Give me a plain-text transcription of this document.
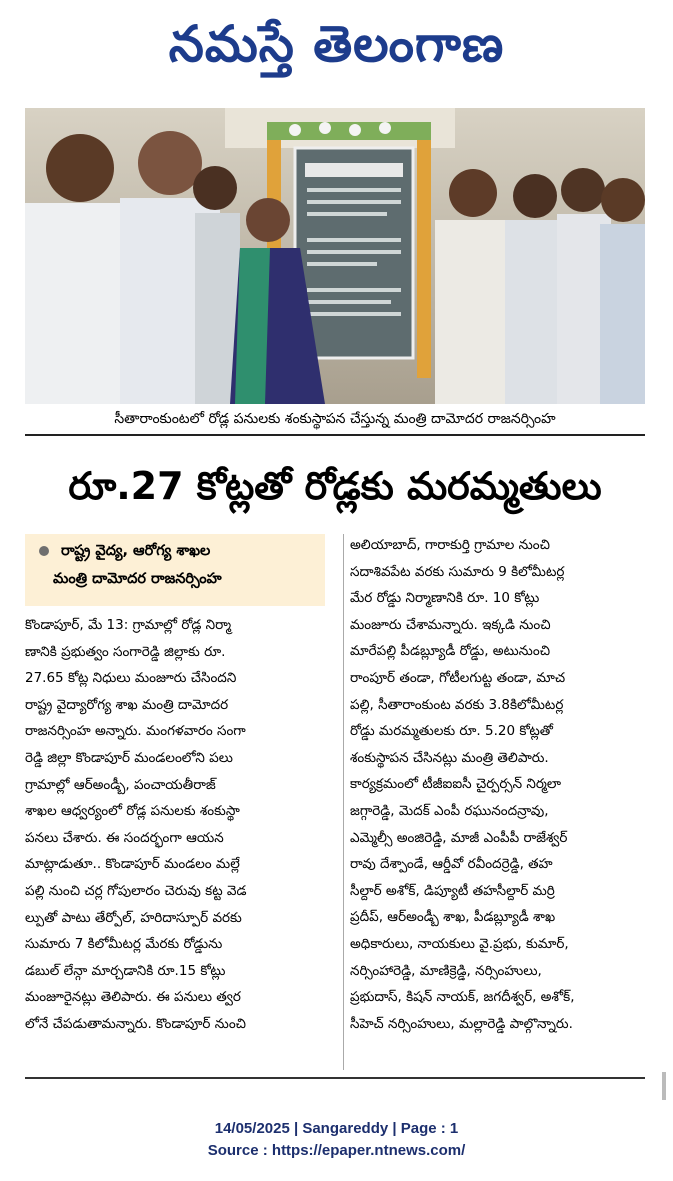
నమస్తే తెలంగాణ
సీతారాంకుంటలో రోడ్ల పనులకు శంకుస్థాపన చేస్తున్న మంత్రి దామోదర రాజనర్సింహ
రూ.27 కోట్లతో రోడ్లకు మరమ్మతులు
రాష్ట్ర వైద్య, ఆరోగ్య శాఖల
మంత్రి దామోదర రాజనర్సింహ
కొండాపూర్, మే 13: గ్రామాల్లో రోడ్ల నిర్మా
ణానికి ప్రభుత్వం సంగారెడ్డి జిల్లాకు రూ.
27.65 కోట్ల నిధులు మంజూరు చేసిందని
రాష్ట్ర వైద్యారోగ్య శాఖ మంత్రి దామోదర
రాజనర్సింహ అన్నారు. మంగళవారం సంగా
రెడ్డి జిల్లా కొండాపూర్ మండలంలోని పలు
గ్రామాల్లో ఆర్అండ్బీ, పంచాయతీరాజ్
శాఖల ఆధ్వర్యంలో రోడ్ల పనులకు శంకుస్థా
పనలు చేశారు. ఈ సందర్భంగా ఆయన
మాట్లాడుతూ.. కొండాపూర్ మండలం మల్లే
పల్లి నుంచి చర్ల గోపులారం చెరువు కట్ట వెడ
ల్పుతో పాటు తేర్పోల్, హరిదాస్పూర్ వరకు
సుమారు 7 కిలోమీటర్ల మేరకు రోడ్డును
డబుల్ లేన్గా మార్చడానికి రూ.15 కోట్లు
మంజూరైనట్లు తెలిపారు. ఈ పనులు త్వర
లోనే చేపడుతామన్నారు. కొండాపూర్ నుంచి
అలియాబాద్, గారాకుర్తి గ్రామాల నుంచి
సదాశివపేట వరకు సుమారు 9 కిలోమీటర్ల
మేర రోడ్డు నిర్మాణానికి రూ. 10 కోట్లు
మంజూరు చేశామన్నారు. ఇక్కడి నుంచి
మారేపల్లి పీడబ్ల్యూడీ రోడ్డు, అటునుంచి
రాంపూర్ తండా, గోటీలగుట్ట తండా, మాచ
పల్లి, సీతారాంకుంట వరకు 3.8కిలోమీటర్ల
రోడ్డు మరమ్మతులకు రూ. 5.20 కోట్లతో
శంకుస్థాపన చేసినట్లు మంత్రి తెలిపారు.
కార్యక్రమంలో టీజీఐఐసీ చైర్పర్సన్ నిర్మలా
జగ్గారెడ్డి, మెదక్ ఎంపీ రఘునందన్రావు,
ఎమ్మెల్సీ అంజిరెడ్డి, మాజీ ఎంపీపీ రాజేశ్వర్
రావు దేశ్పాండే, ఆర్డీవో రవీందర్రెడ్డి, తహ
సీల్దార్ అశోక్, డిప్యూటీ తహసీల్దార్ మర్రి
ప్రదీప్, ఆర్అండ్బీ శాఖ, పీడబ్ల్యూడీ శాఖ
అధికారులు, నాయకులు వై.ప్రభు, కుమార్,
నర్సింహారెడ్డి, మాణిక్రెడ్డి, నర్సింహులు,
ప్రభుదాస్, కిషన్ నాయక్, జగదీశ్వర్, అశోక్,
సీహెచ్ నర్సింహులు, మల్లారెడ్డి పాల్గొన్నారు.
14/05/2025 | Sangareddy | Page : 1
Source : https://epaper.ntnews.com/
